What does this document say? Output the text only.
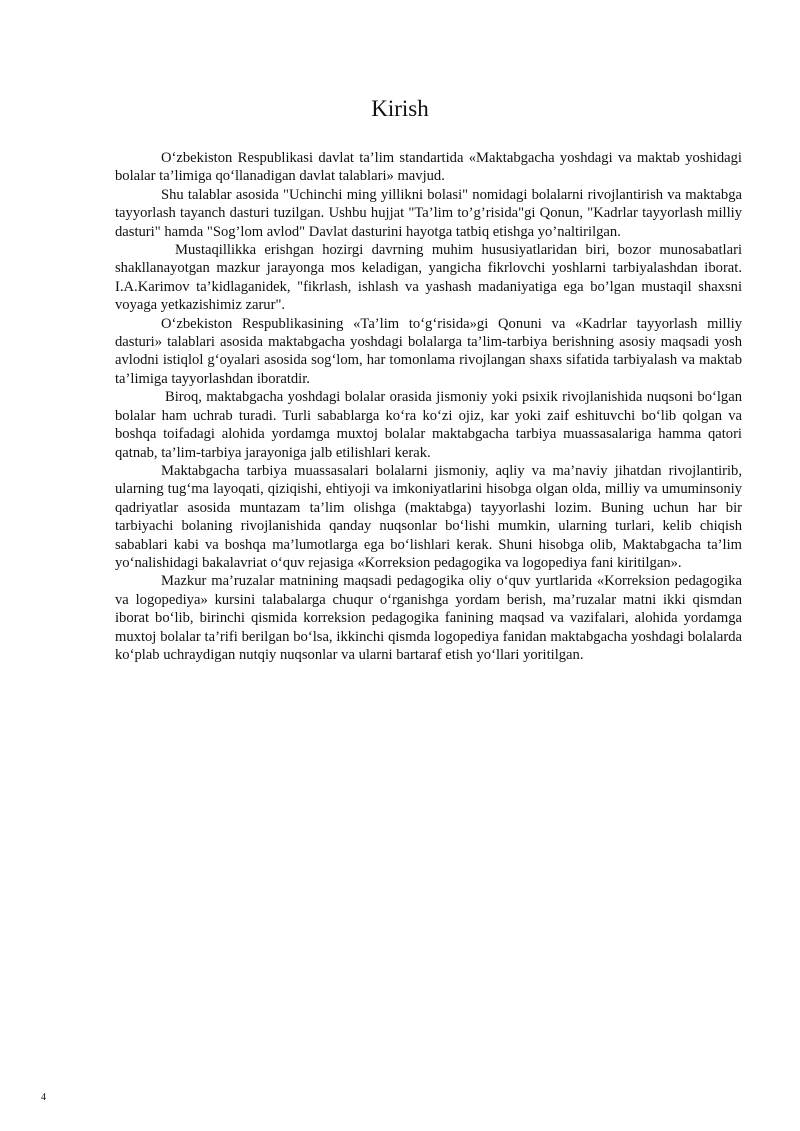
Kirish

O‘zbekiston Respublikasi davlat ta’lim standartida «Maktabgacha yoshdagi va maktab yoshidagi bolalar ta’limiga qo‘llanadigan davlat talablari» mavjud.

Shu talablar asosida "Uchinchi ming yillikni bolasi" nomidagi bolalarni rivojlantirish va maktabga tayyorlash tayanch dasturi tuzilgan. Ushbu hujjat "Ta’lim to’g’risida"gi Qonun, "Kadrlar tayyorlash milliy dasturi" hamda "Sog’lom avlod" Davlat dasturini hayotga tatbiq etishga yo’naltirilgan.

Mustaqillikka erishgan hozirgi davrning muhim hususiyatlaridan biri, bozor munosabatlari shakllanayotgan mazkur jarayonga mos keladigan, yangicha fikrlovchi yoshlarni tarbiyalashdan iborat. I.A.Karimov ta’kidlaganidek, "fikrlash, ishlash va yashash madaniyatiga ega bo’lgan mustaqil shaxsni voyaga yetkazishimiz zarur".

O‘zbekiston Respublikasining «Ta’lim to‘g‘risida»gi Qonuni va «Kadrlar tayyorlash milliy dasturi» talablari asosida maktabgacha yoshdagi bolalarga ta’lim-tarbiya berishning asosiy maqsadi yosh avlodni istiqlol g‘oyalari asosida sog‘lom, har tomonlama rivojlangan shaxs sifatida tarbiyalash va maktab ta’limiga tayyorlashdan iboratdir.

Biroq, maktabgacha yoshdagi bolalar orasida jismoniy yoki psixik rivojlanishida nuqsoni bo‘lgan bolalar ham uchrab turadi. Turli sabablarga ko‘ra ko‘zi ojiz, kar yoki zaif eshituvchi bo‘lib qolgan va boshqa toifadagi alohida yordamga muxtoj bolalar maktabgacha tarbiya muassasalariga hamma qatori qatnab, ta’lim-tarbiya jarayoniga jalb etilishlari kerak.

Maktabgacha tarbiya muassasalari bolalarni jismoniy, aqliy va ma’naviy jihatdan rivojlantirib, ularning tug‘ma layoqati, qiziqishi, ehtiyoji va imkoniyatlarini hisobga olgan olda, milliy va umuminsoniy qadriyatlar asosida muntazam ta’lim olishga (maktabga) tayyorlashi lozim. Buning uchun har bir tarbiyachi bolaning rivojlanishida qanday nuqsonlar bo‘lishi mumkin, ularning turlari, kelib chiqish sabablari kabi va boshqa ma’lumotlarga ega bo‘lishlari kerak. Shuni hisobga olib, Maktabgacha ta’lim yo‘nalishidagi bakalavriat o‘quv rejasiga «Korreksion pedagogika va logopediya fani kiritilgan».

Mazkur ma’ruzalar matnining maqsadi pedagogika oliy o‘quv yurtlarida «Korreksion pedagogika va logopediya» kursini talabalarga chuqur o‘rganishga yordam berish, ma’ruzalar matni ikki qismdan iborat bo‘lib, birinchi qismida korreksion pedagogika fanining maqsad va vazifalari, alohida yordamga muxtoj bolalar ta’rifi berilgan bo‘lsa, ikkinchi qismda logopediya fanidan maktabgacha yoshdagi bolalarda ko‘plab uchraydigan nutqiy nuqsonlar va ularni bartaraf etish yo‘llari yoritilgan.

4
